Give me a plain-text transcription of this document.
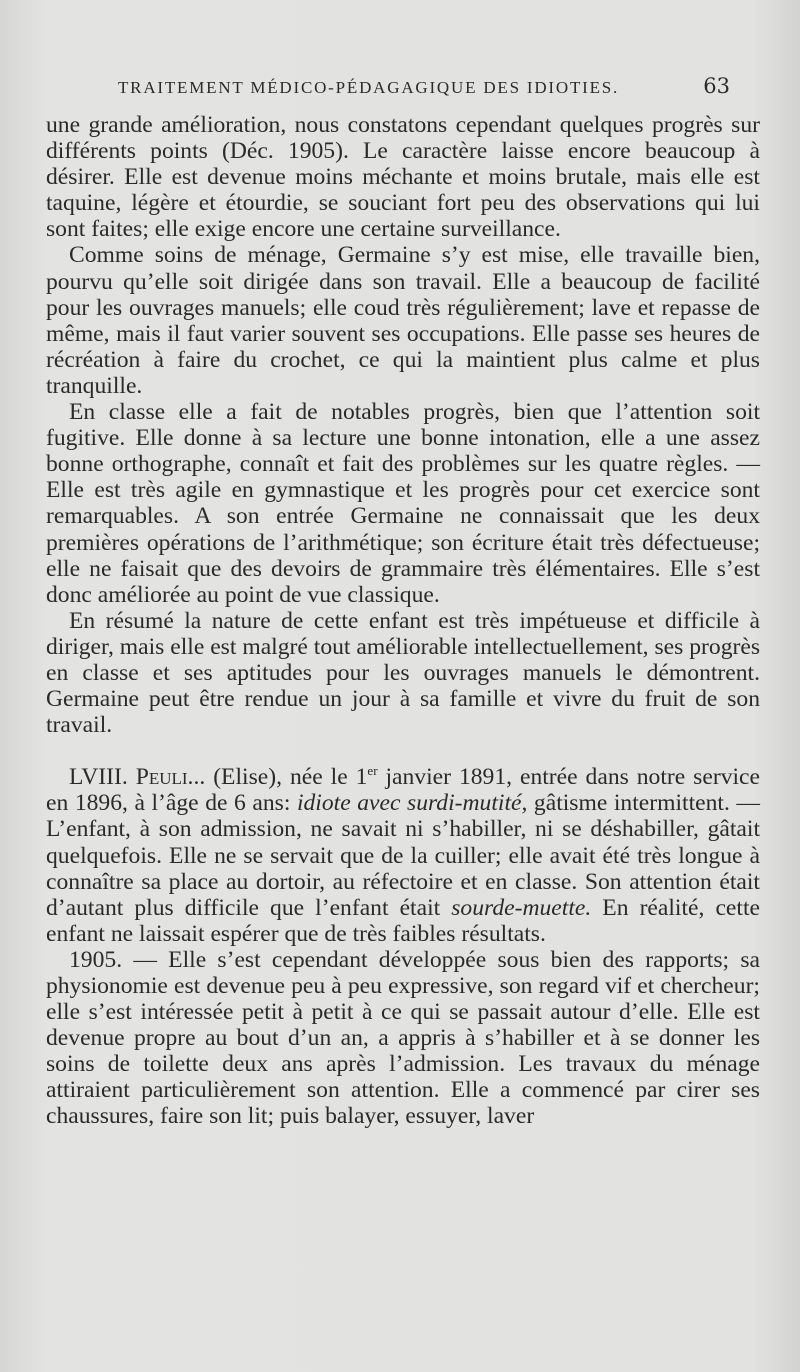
TRAITEMENT MÉDICO-PÉDAGAGIQUE DES IDIOTIES.	63

une grande amélioration, nous constatons cependant quelques progrès sur différents points (Déc. 1905). Le caractère laisse encore beaucoup à désirer. Elle est devenue moins méchante et moins brutale, mais elle est taquine, légère et étourdie, se souciant fort peu des observations qui lui sont faites; elle exige encore une certaine surveillance.

Comme soins de ménage, Germaine s’y est mise, elle travaille bien, pourvu qu’elle soit dirigée dans son travail. Elle a beaucoup de facilité pour les ouvrages manuels; elle coud très régulièrement; lave et repasse de même, mais il faut varier souvent ses occupations. Elle passe ses heures de récréation à faire du crochet, ce qui la maintient plus calme et plus tranquille.

En classe elle a fait de notables progrès, bien que l’attention soit fugitive. Elle donne à sa lecture une bonne intonation, elle a une assez bonne orthographe, connaît et fait des problèmes sur les quatre règles. — Elle est très agile en gymnastique et les progrès pour cet exercice sont remarquables. A son entrée Germaine ne connaissait que les deux premières opérations de l’arithmétique; son écriture était très défectueuse; elle ne faisait que des devoirs de grammaire très élémentaires. Elle s’est donc améliorée au point de vue classique.

En résumé la nature de cette enfant est très impétueuse et difficile à diriger, mais elle est malgré tout améliorable intellectuellement, ses progrès en classe et ses aptitudes pour les ouvrages manuels le démontrent. Germaine peut être rendue un jour à sa famille et vivre du fruit de son travail.

LVIII. Peuli... (Elise), née le 1er janvier 1891, entrée dans notre service en 1896, à l’âge de 6 ans: idiote avec surdi-mutité, gâtisme intermittent. — L’enfant, à son admission, ne savait ni s’habiller, ni se déshabiller, gâtait quelquefois. Elle ne se servait que de la cuiller; elle avait été très longue à connaître sa place au dortoir, au réfectoire et en classe. Son attention était d’autant plus difficile que l’enfant était sourde-muette. En réalité, cette enfant ne laissait espérer que de très faibles résultats.

1905. — Elle s’est cependant développée sous bien des rapports; sa physionomie est devenue peu à peu expressive, son regard vif et chercheur; elle s’est intéressée petit à petit à ce qui se passait autour d’elle. Elle est devenue propre au bout d’un an, a appris à s’habiller et à se donner les soins de toilette deux ans après l’admission. Les travaux du ménage attiraient particulièrement son attention. Elle a commencé par cirer ses chaussures, faire son lit; puis balayer, essuyer, laver
